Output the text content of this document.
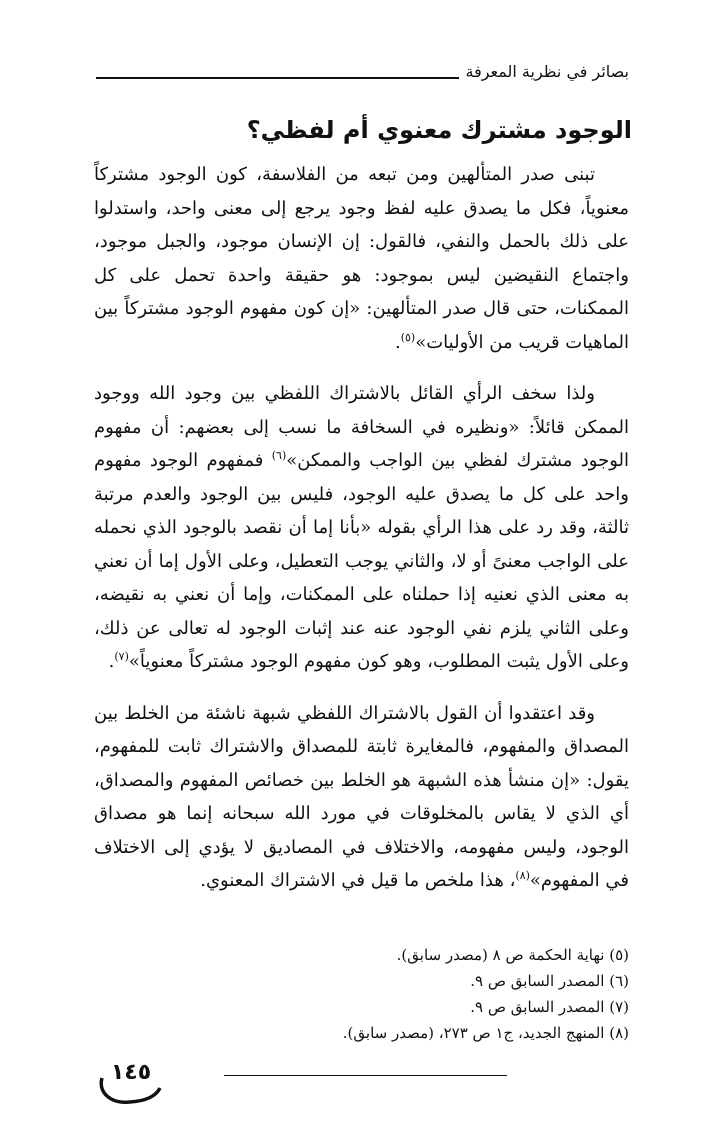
بصائر في نظرية المعرفة
الوجود مشترك معنوي أم لفظي؟

تبنى صدر المتألهين ومن تبعه من الفلاسفة، كون الوجود مشتركاً معنوياً، فكل ما يصدق عليه لفظ وجود يرجع إلى معنى واحد، واستدلوا على ذلك بالحمل والنفي، فالقول: إن الإنسان موجود، والجبل موجود، واجتماع النقيضين ليس بموجود: هو حقيقة واحدة تحمل على كل الممكنات، حتى قال صدر المتألهين: «إن كون مفهوم الوجود مشتركاً بين الماهيات قريب من الأوليات»$^{(٥)}$.

ولذا سخف الرأي القائل بالاشتراك اللفظي بين وجود الله ووجود الممكن قائلاً: «ونظيره في السخافة ما نسب إلى بعضهم: أن مفهوم الوجود مشترك لفظي بين الواجب والممكن»$^{(٦)}$ فمفهوم الوجود مفهوم واحد على كل ما يصدق عليه الوجود، فليس بين الوجود والعدم مرتبة ثالثة، وقد رد على هذا الرأي بقوله «بأنا إما أن نقصد بالوجود الذي نحمله على الواجب معنىً أو لا، والثاني يوجب التعطيل، وعلى الأول إما أن نعني به معنى الذي نعنيه إذا حملناه على الممكنات، وإما أن نعني به نقيضه، وعلى الثاني يلزم نفي الوجود عنه عند إثبات الوجود له تعالى عن ذلك، وعلى الأول يثبت المطلوب، وهو كون مفهوم الوجود مشتركاً معنوياً»$^{(٧)}$.

وقد اعتقدوا أن القول بالاشتراك اللفظي شبهة ناشئة من الخلط بين المصداق والمفهوم، فالمغايرة ثابتة للمصداق والاشتراك ثابت للمفهوم، يقول: «إن منشأ هذه الشبهة هو الخلط بين خصائص المفهوم والمصداق، أي الذي لا يقاس بالمخلوقات في مورد الله سبحانه إنما هو مصداق الوجود، وليس مفهومه، والاختلاف في المصاديق لا يؤدي إلى الاختلاف في المفهوم»$^{(٨)}$، هذا ملخص ما قيل في الاشتراك المعنوي.

(٥) نهاية الحكمة ص ٨ (مصدر سابق).

(٦) المصدر السابق ص ٩.

(٧) المصدر السابق ص ٩.

(٨) المنهج الجديد، ج١ ص ٢٧٣، (مصدر سابق).

١٤٥
